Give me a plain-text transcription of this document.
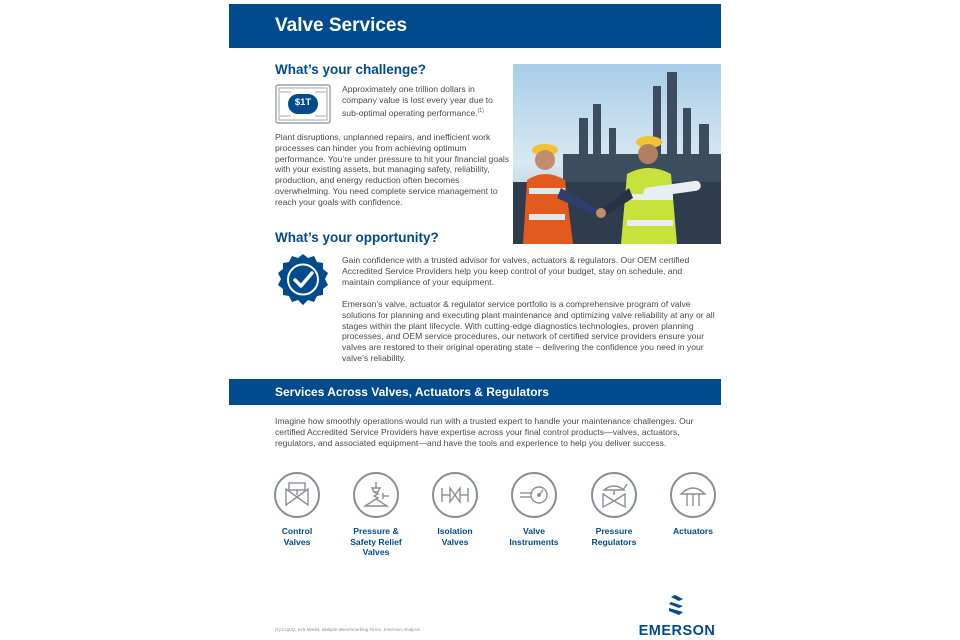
Valve Services
What’s your challenge?
$1T
Approximately one trillion dollars in company value is lost every year due to sub-optimal operating performance.$^{(1)}$
Plant disruptions, unplanned repairs, and inefficient work processes can hinder you from achieving optimum performance. You’re under pressure to hit your financial goals with your existing assets, but managing safety, reliability, production, and energy reduction often becomes overwhelming. You need complete service management to reach your goals with confidence.
What’s your opportunity?
Gain confidence with a trusted advisor for valves, actuators & regulators. Our OEM certified Accredited Service Providers help you keep control of your budget, stay on schedule, and maintain compliance of your equipment.
Emerson’s valve, actuator & regulator service portfolio is a comprehensive program of valve solutions for planning and executing plant maintenance and optimizing valve reliability at any or all stages within the plant lifecycle. With cutting-edge diagnostics technologies, proven planning processes, and OEM service procedures, our network of certified service providers ensure your valves are restored to their original operating state – delivering the confidence you need in your valve’s reliability.
Services Across Valves, Actuators & Regulators
Imagine how smoothly operations would run with a trusted expert to handle your maintenance challenges. Our certified Accredited Service Providers have expertise across your final control products—valves, actuators, regulators, and associated equipment—and have the tools and experience to help you deliver success.
Control
Valves
Pressure &
Safety Relief
Valves
Isolation
Valves
Valve
Instruments
Pressure
Regulators
Actuators
(1) CapIQ, IHS Markit, Multiple Benchmarking Firms, Emerson Analysis	EMERSON
